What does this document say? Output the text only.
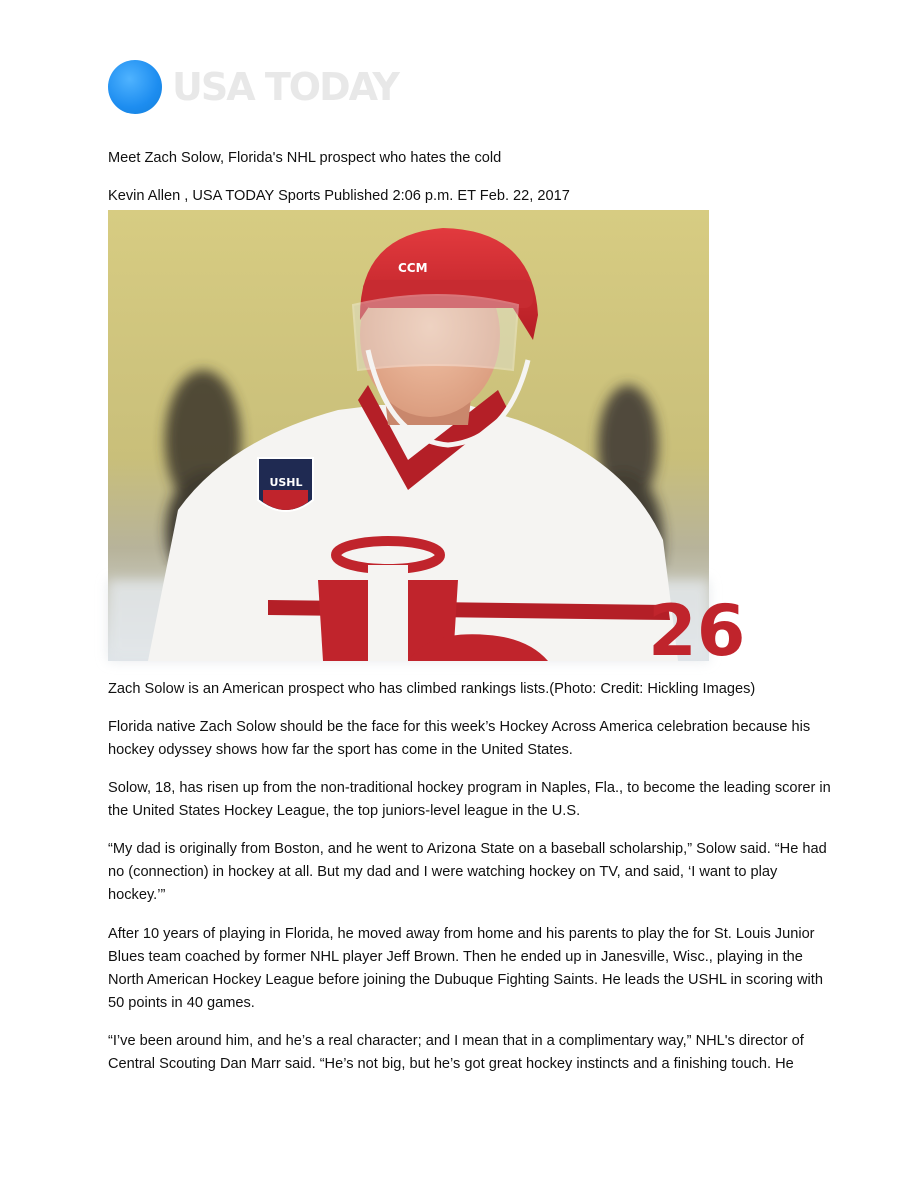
USA TODAY

Meet Zach Solow, Florida's NHL prospect who hates the cold

Kevin Allen , USA TODAY Sports Published 2:06 p.m. ET Feb. 22, 2017

USHL
26
CCM

Zach Solow is an American prospect who has climbed rankings lists.(Photo: Credit: Hickling Images)

Florida native Zach Solow should be the face for this week’s Hockey Across America celebration because his hockey odyssey shows how far the sport has come in the United States.

Solow, 18, has risen up from the non-traditional hockey program in Naples, Fla., to become the leading scorer in the United States Hockey League, the top juniors-level league in the U.S.

“My dad is originally from Boston, and he went to Arizona State on a baseball scholarship,” Solow said. “He had no (connection) in hockey at all. But my dad and I were watching hockey on TV, and said, ‘I want to play hockey.’”

After 10 years of playing in Florida, he moved away from home and his parents to play the for St. Louis Junior Blues team coached by former NHL player Jeff Brown. Then he ended up in Janesville, Wisc., playing in the North American Hockey League before joining the Dubuque Fighting Saints. He leads the USHL in scoring with 50 points in 40 games.

“I’ve been around him, and he’s a real character; and I mean that in a complimentary way,” NHL's director of Central Scouting Dan Marr said. “He’s not big, but he’s got great hockey instincts and a finishing touch. He
